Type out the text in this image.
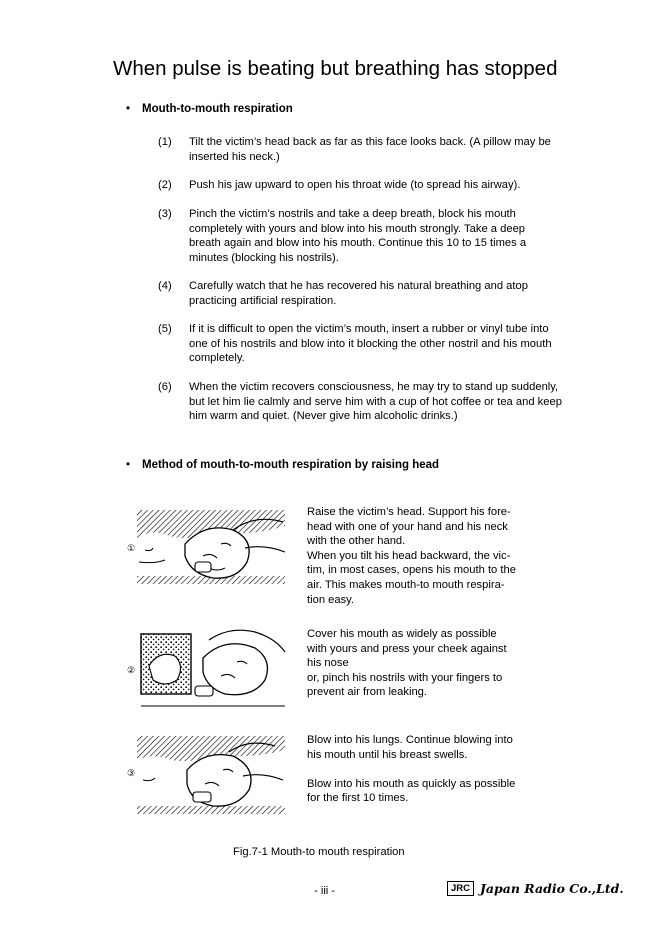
When pulse is beating but breathing has stopped
• Mouth-to-mouth respiration
(1) Tilt the victim’s head back as far as this face looks back. (A pillow may be
inserted his neck.)
(2) Push his jaw upward to open his throat wide (to spread his airway).
(3) Pinch the victim’s nostrils and take a deep breath, block his mouth
completely with yours and blow into his mouth strongly. Take a deep
breath again and blow into his mouth. Continue this 10 to 15 times a
minutes (blocking his nostrils).
(4) Carefully watch that he has recovered his natural breathing and atop
practicing artificial respiration.
(5) If it is difficult to open the victim’s mouth, insert a rubber or vinyl tube into
one of his nostrils and blow into it blocking the other nostril and his mouth
completely.
(6) When the victim recovers consciousness, he may try to stand up suddenly,
but let him lie calmly and serve him with a cup of hot coffee or tea and keep
him warm and quiet. (Never give him alcoholic drinks.)
• Method of mouth-to-mouth respiration by raising head
①
Raise the victim’s head. Support his fore-
head with one of your hand and his neck
with the other hand.
When you tilt his head backward, the vic-
tim, in most cases, opens his mouth to the
air. This makes mouth-to mouth respira-
tion easy.
②
Cover his mouth as widely as possible
with yours and press your cheek against
his nose
or, pinch his nostrils with your fingers to
prevent air from leaking.
③
Blow into his lungs. Continue blowing into
his mouth until his breast swells.
Blow into his mouth as quickly as possible
for the first 10 times.
Fig.7-1 Mouth-to mouth respiration
- iii -	JRC Japan Radio Co.,Ltd.
